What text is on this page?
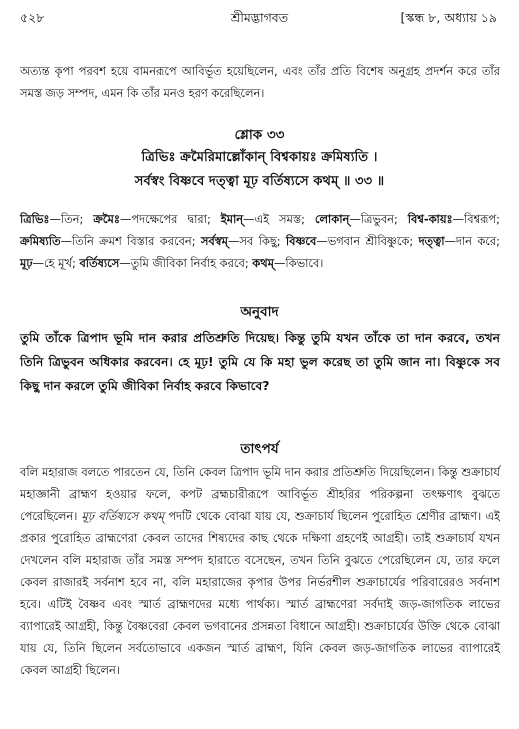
৫২৮	শ্রীমদ্ভাগবত	[স্কন্ধ ৮, অধ্যায় ১৯
অত্যন্ত কৃপা পরবশ হয়ে বামনরূপে আবির্ভূত হয়েছিলেন, এবং তাঁর প্রতি বিশেষ অনুগ্রহ প্রদর্শন করে তাঁর সমস্ত জড় সম্পদ, এমন কি তাঁর মনও হরণ করেছিলেন।
শ্লোক ৩৩
ত্রিভিঃ ক্রমৈরিমাল্লোঁকান্ বিশ্বকায়ঃ ক্রমিষ্যতি ।
সর্বস্বং বিষ্ণবে দত্ত্বা মূঢ় বর্তিষ্যসে কথম্ ॥ ৩৩ ॥
ত্রিভিঃ—তিন; ক্রমৈঃ—পদক্ষেপের দ্বারা; ইমান্—এই সমস্ত; লোকান্—ত্রিভুবন; বিশ্ব-কায়ঃ—বিশ্বরূপ; ক্রমিষ্যতি—তিনি ক্রমশ বিস্তার করবেন; সর্বস্বম্—সব কিছু; বিষ্ণবে—ভগবান শ্রীবিষ্ণুকে; দত্ত্বা—দান করে; মূঢ়—হে মূর্খ; বর্তিষ্যসে—তুমি জীবিকা নির্বাহ করবে; কথম্—কিভাবে।
অনুবাদ
তুমি তাঁকে ত্রিপাদ ভূমি দান করার প্রতিশ্রুতি দিয়েছ। কিন্তু তুমি যখন তাঁকে তা দান করবে, তখন তিনি ত্রিভুবন অধিকার করবেন। হে মূঢ়! তুমি যে কি মহা ভুল করেছ তা তুমি জান না। বিষ্ণুকে সব কিছু দান করলে তুমি জীবিকা নির্বাহ করবে কিভাবে?
তাৎপর্য
বলি মহারাজ বলতে পারতেন যে, তিনি কেবল ত্রিপাদ ভূমি দান করার প্রতিশ্রুতি দিয়েছিলেন। কিন্তু শুক্রাচার্য মহাজ্ঞানী ব্রাহ্মণ হওয়ার ফলে, কপট ব্রহ্মচারীরূপে আবির্ভূত শ্রীহরির পরিকল্পনা তৎক্ষণাৎ বুঝতে পেরেছিলেন। মূঢ় বর্তিষ্যসে কথম্ পদটি থেকে বোঝা যায় যে, শুক্রাচার্য ছিলেন পুরোহিত শ্রেণীর ব্রাহ্মণ। এই প্রকার পুরোহিত ব্রাহ্মণেরা কেবল তাদের শিষ্যদের কাছ থেকে দক্ষিণা গ্রহণেই আগ্রহী। তাই শুক্রাচার্য যখন দেখলেন বলি মহারাজ তাঁর সমস্ত সম্পদ হারাতে বসেছেন, তখন তিনি বুঝতে পেরেছিলেন যে, তার ফলে কেবল রাজারই সর্বনাশ হবে না, বলি মহারাজের কৃপার উপর নির্ভরশীল শুক্রাচার্যের পরিবারেরও সর্বনাশ হবে। এটিই বৈষ্ণব এবং স্মার্ত ব্রাহ্মণদের মধ্যে পার্থক্য। স্মার্ত ব্রাহ্মণেরা সর্বদাই জড়-জাগতিক লাভের ব্যাপারেই আগ্রহী, কিন্তু বৈষ্ণবেরা কেবল ভগবানের প্রসন্নতা বিধানে আগ্রহী। শুক্রাচার্যের উক্তি থেকে বোঝা যায় যে, তিনি ছিলেন সর্বতোভাবে একজন স্মার্ত ব্রাহ্মণ, যিনি কেবল জড়-জাগতিক লাভের ব্যাপারেই কেবল আগ্রহী ছিলেন।
